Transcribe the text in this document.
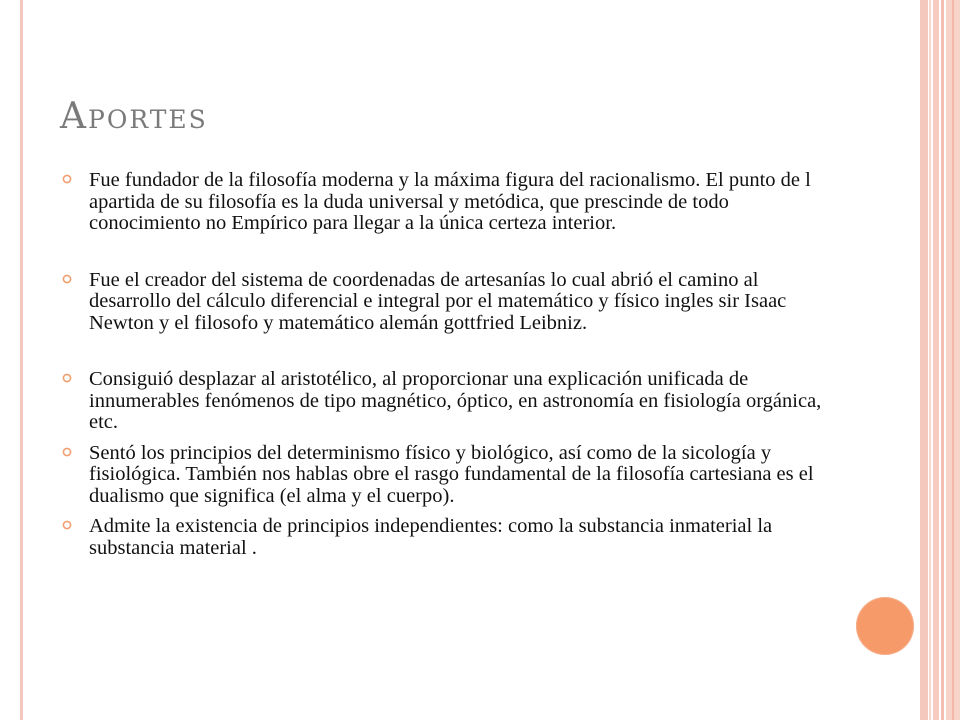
Aportes
Fue fundador de la filosofía moderna y la máxima figura del racionalismo. El punto de l apartida de su filosofía es la duda universal y metódica, que prescinde de todo conocimiento no Empírico para llegar a la única certeza interior.
Fue el creador del sistema de coordenadas de artesanías lo cual abrió el camino al desarrollo del cálculo diferencial e integral por el matemático y físico ingles sir Isaac Newton y el filosofo y matemático alemán gottfried Leibniz.
Consiguió desplazar al aristotélico, al proporcionar una explicación unificada de innumerables fenómenos de tipo magnético, óptico, en astronomía en fisiología orgánica, etc.
Sentó los principios del determinismo físico y biológico, así como de la sicología y fisiológica. También nos hablas obre el rasgo fundamental de la filosofía cartesiana es el dualismo que significa (el alma y el cuerpo).
Admite la existencia de principios independientes: como la substancia inmaterial la substancia material .
